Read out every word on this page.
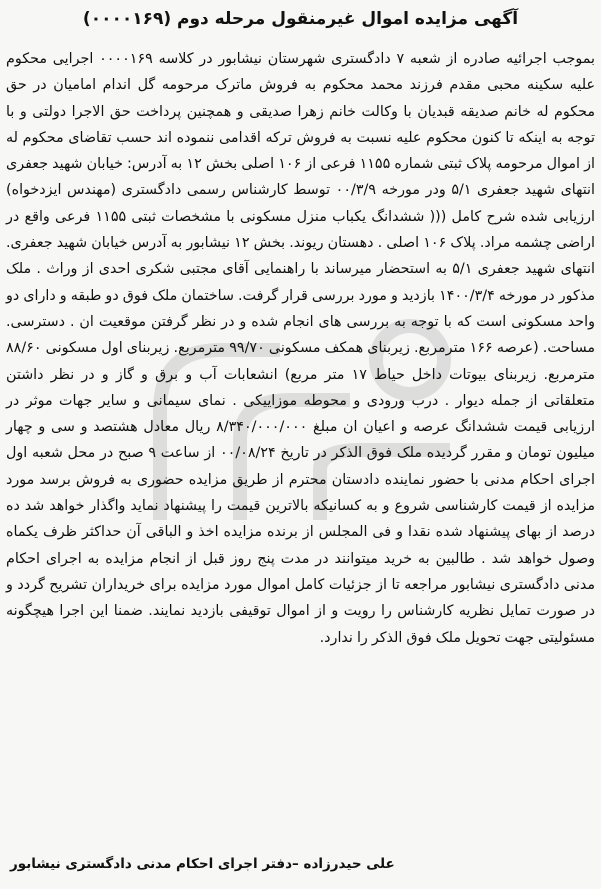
آگهی مزایده اموال غیرمنقول مرحله دوم (۰۰۰۰۱۶۹)

بموجب اجرائیه صادره از شعبه ۷ دادگستری شهرستان نیشابور در کلاسه ۰۰۰۰۱۶۹ اجرایی محکوم علیه سکینه محبی مقدم فرزند محمد محکوم به فروش ماترک مرحومه گل اندام امامیان در حق محکوم له خانم صدیقه قبدیان با وکالت خانم زهرا صدیقی و همچنین پرداخت حق الاجرا دولتی و با توجه به اینکه تا کنون محکوم علیه نسبت به فروش ترکه اقدامی ننموده اند حسب تقاضای محکوم له از اموال مرحومه پلاک ثبتی شماره ۱۱۵۵ فرعی از ۱۰۶ اصلی بخش ۱۲ به آدرس: خیابان شهید جعفری انتهای شهید جعفری ۵/۱ ودر مورخه ۰۰/۳/۹ توسط کارشناس رسمی دادگستری (مهندس ایزدخواه) ارزیابی شده شرح کامل ((( ششدانگ یکباب منزل مسکونی با مشخصات ثبتی ۱۱۵۵ فرعی واقع در اراضی چشمه مراد. پلاک ۱۰۶ اصلی . دهستان ریوند. بخش ۱۲ نیشابور به آدرس خیابان شهید جعفری. انتهای شهید جعفری ۵/۱ به استحضار میرساند با راهنمایی آقای مجتبی شکری احدی از وراث . ملک مذکور در مورخه ۱۴۰۰/۳/۴ بازدید و مورد بررسی قرار گرفت. ساختمان ملک فوق دو طبقه و دارای دو واحد مسکونی است که با توجه به بررسی های انجام شده و در نظر گرفتن موقعیت ان . دسترسی. مساحت. (عرصه ۱۶۶ مترمربع. زیربنای همکف مسکونی ۹۹/۷۰ مترمربع. زیربنای اول مسکونی ۸۸/۶۰ مترمربع. زیربنای بیوتات داخل حیاط ۱۷ متر مربع) انشعابات آب و برق و گاز و در نظر داشتن متعلقاتی از جمله دیوار . درب ورودی و محوطه موزاییکی . نمای سیمانی و سایر جهات موثر در ارزیابی قیمت ششدانگ عرصه و اعیان ان مبلغ ۸/۳۴۰/۰۰۰/۰۰۰ ریال معادل هشتصد و سی و چهار میلیون تومان و مقرر گردیده ملک فوق الذکر در تاریخ ۰۰/۰۸/۲۴ از ساعت ۹ صبح در محل شعبه اول اجرای احکام مدنی با حضور نماینده دادستان محترم از طریق مزایده حضوری به فروش برسد مورد مزایده از قیمت کارشناسی شروع و به کسانیکه بالاترین قیمت را پیشنهاد نماید واگذار خواهد شد ده درصد از بهای پیشنهاد شده نقدا و فی المجلس از برنده مزایده اخذ و الباقی آن حداکثر ظرف یکماه وصول خواهد شد . طالبین به خرید میتوانند در مدت پنج روز قبل از انجام مزایده به اجرای احکام مدنی دادگستری نیشابور مراجعه تا از جزئیات کامل اموال مورد مزایده برای خریداران تشریح گردد و در صورت تمایل نظریه کارشناس را رویت و از اموال توقیفی بازدید نمایند. ضمنا این اجرا هیچگونه مسئولیتی جهت تحویل ملک فوق الذکر را ندارد.

علی حیدرزاده –دفتر اجرای احکام مدنی دادگستری نیشابور
